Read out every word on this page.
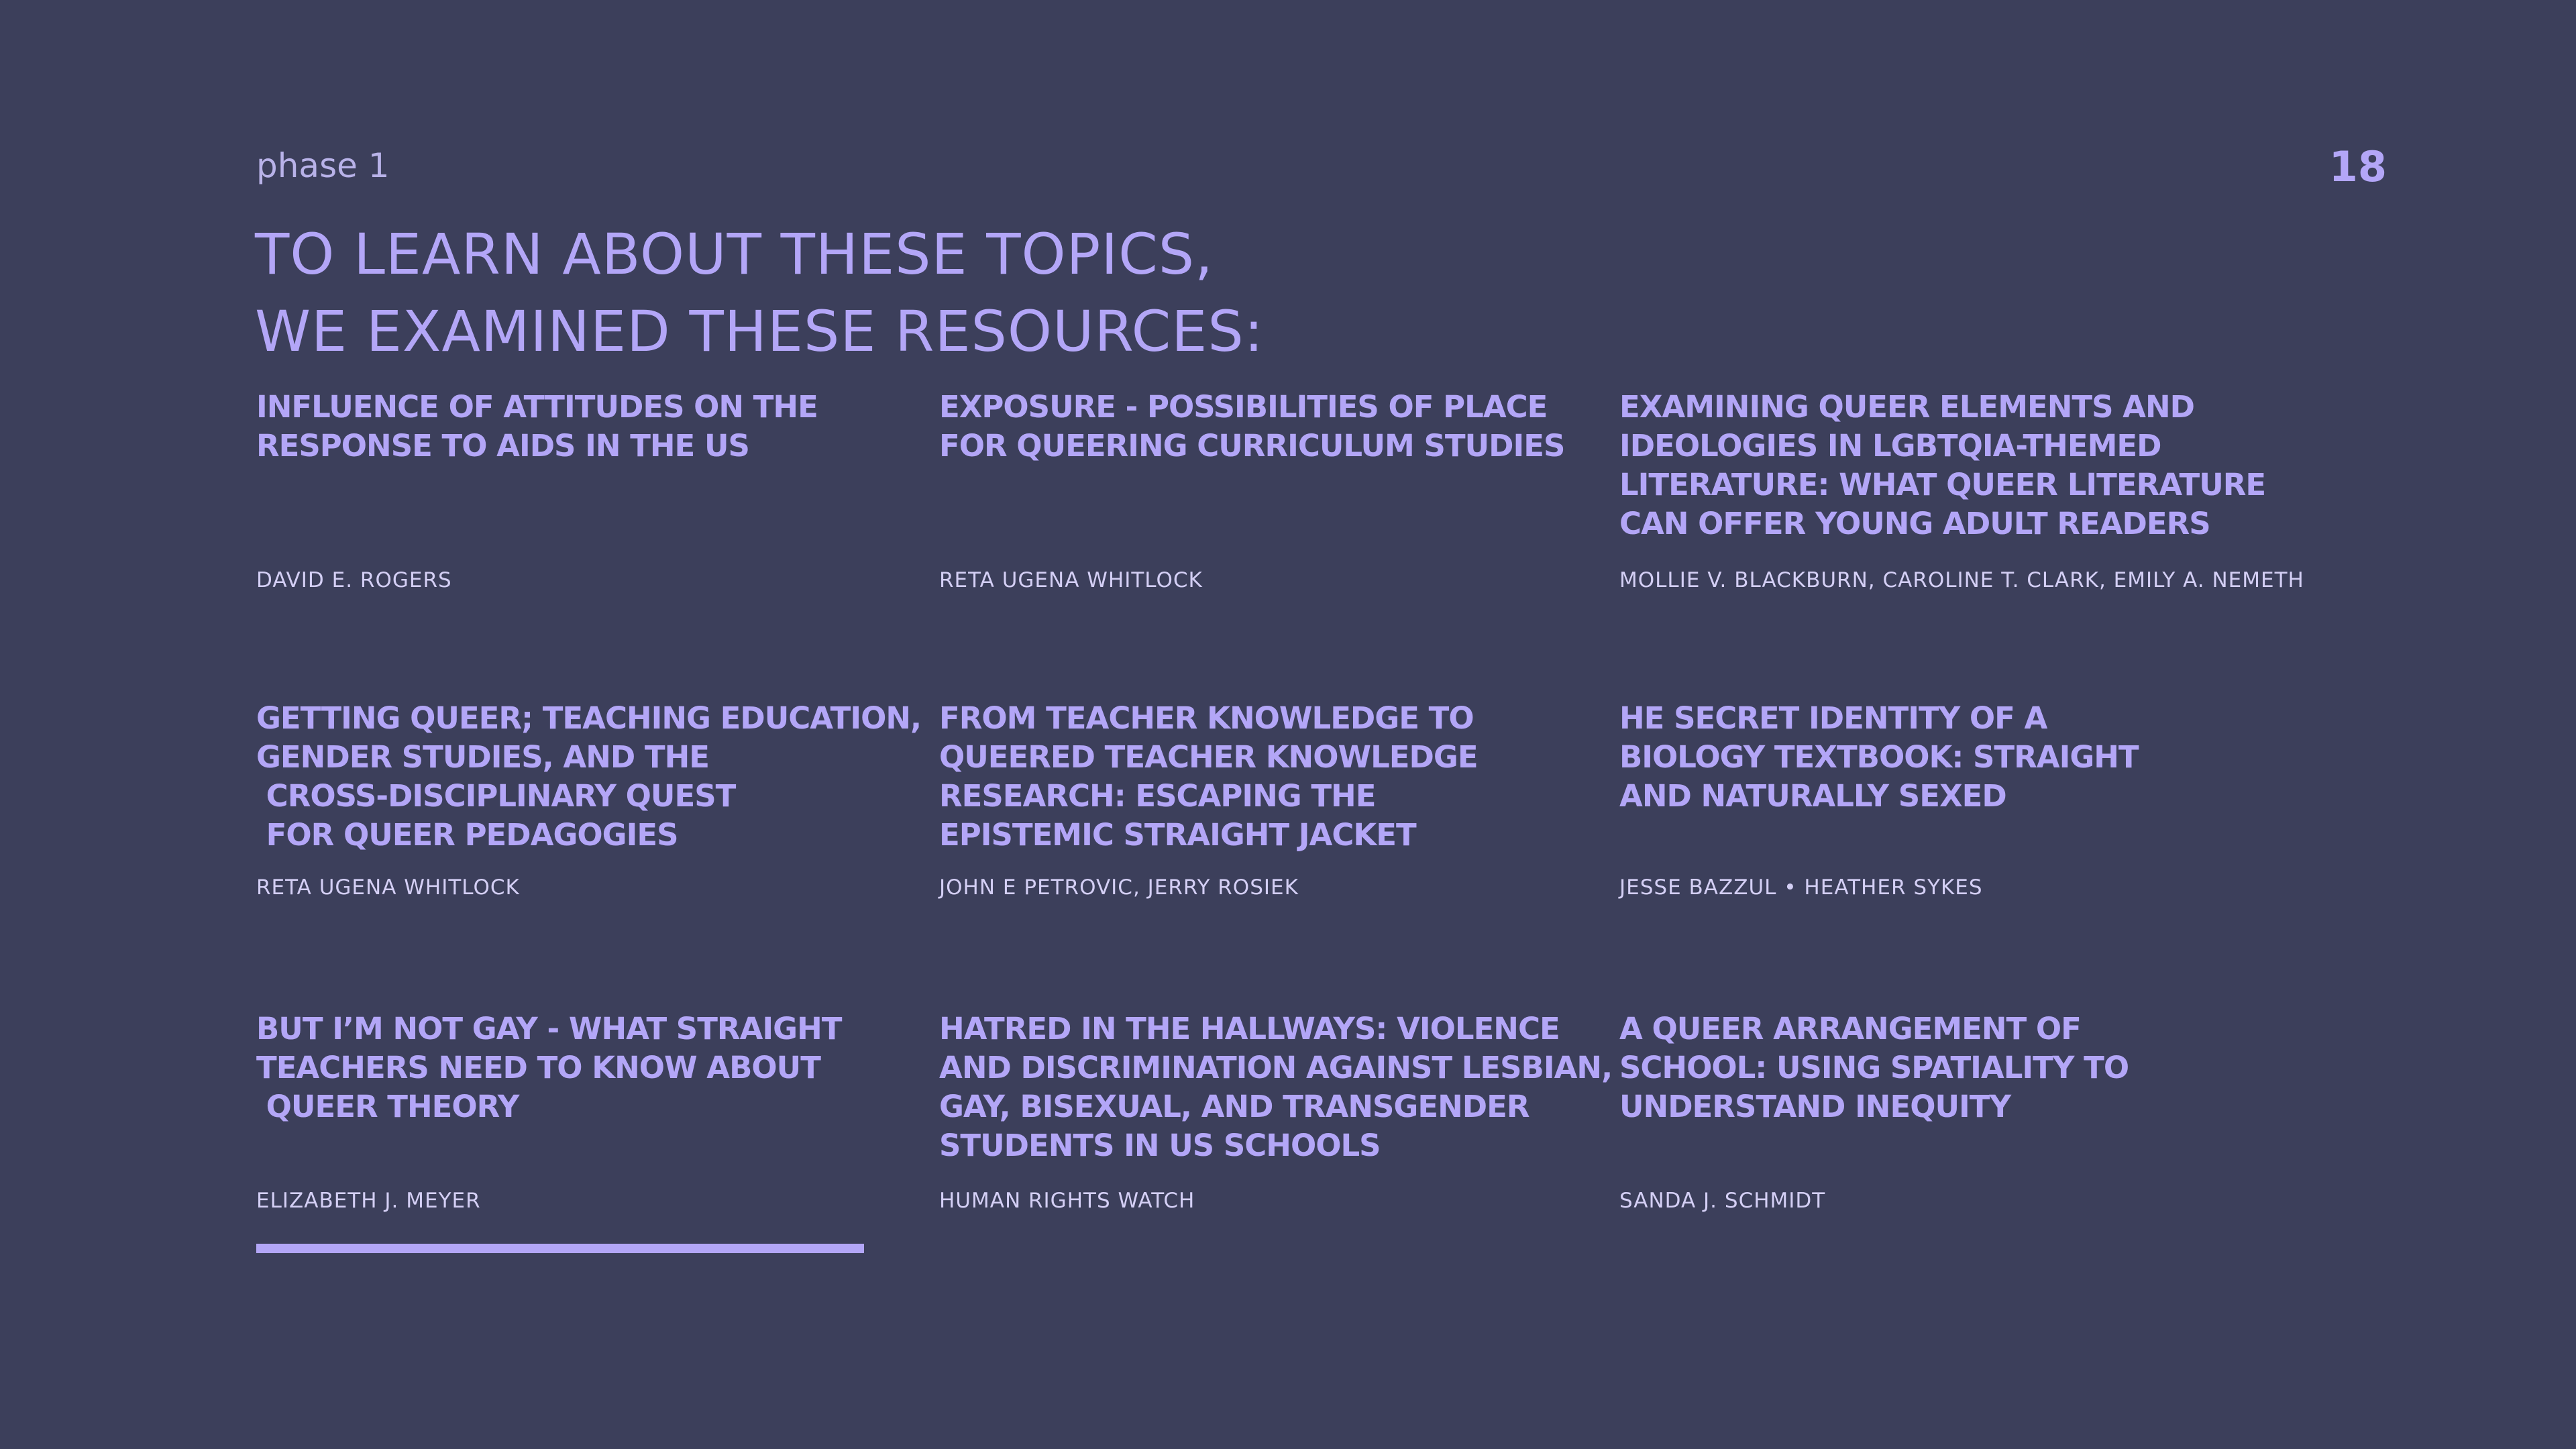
phase 1	18
TO LEARN ABOUT THESE TOPICS,
WE EXAMINED THESE RESOURCES:
INFLUENCE OF ATTITUDES ON THE
RESPONSE TO AIDS IN THE US
DAVID E. ROGERS
EXPOSURE - POSSIBILITIES OF PLACE
FOR QUEERING CURRICULUM STUDIES
RETA UGENA WHITLOCK
EXAMINING QUEER ELEMENTS AND
IDEOLOGIES IN LGBTQIA-THEMED
LITERATURE: WHAT QUEER LITERATURE
CAN OFFER YOUNG ADULT READERS
MOLLIE V. BLACKBURN, CAROLINE T. CLARK, EMILY A. NEMETH
GETTING QUEER; TEACHING EDUCATION,
GENDER STUDIES, AND THE
CROSS-DISCIPLINARY QUEST
FOR QUEER PEDAGOGIES
RETA UGENA WHITLOCK
FROM TEACHER KNOWLEDGE TO
QUEERED TEACHER KNOWLEDGE
RESEARCH: ESCAPING THE
EPISTEMIC STRAIGHT JACKET
JOHN E PETROVIC, JERRY ROSIEK
HE SECRET IDENTITY OF A
BIOLOGY TEXTBOOK: STRAIGHT
AND NATURALLY SEXED
JESSE BAZZUL • HEATHER SYKES
BUT I’M NOT GAY - WHAT STRAIGHT
TEACHERS NEED TO KNOW ABOUT
QUEER THEORY
ELIZABETH J. MEYER
HATRED IN THE HALLWAYS: VIOLENCE
AND DISCRIMINATION AGAINST LESBIAN,
GAY, BISEXUAL, AND TRANSGENDER
STUDENTS IN US SCHOOLS
HUMAN RIGHTS WATCH
A QUEER ARRANGEMENT OF
SCHOOL: USING SPATIALITY TO
UNDERSTAND INEQUITY
SANDA J. SCHMIDT
